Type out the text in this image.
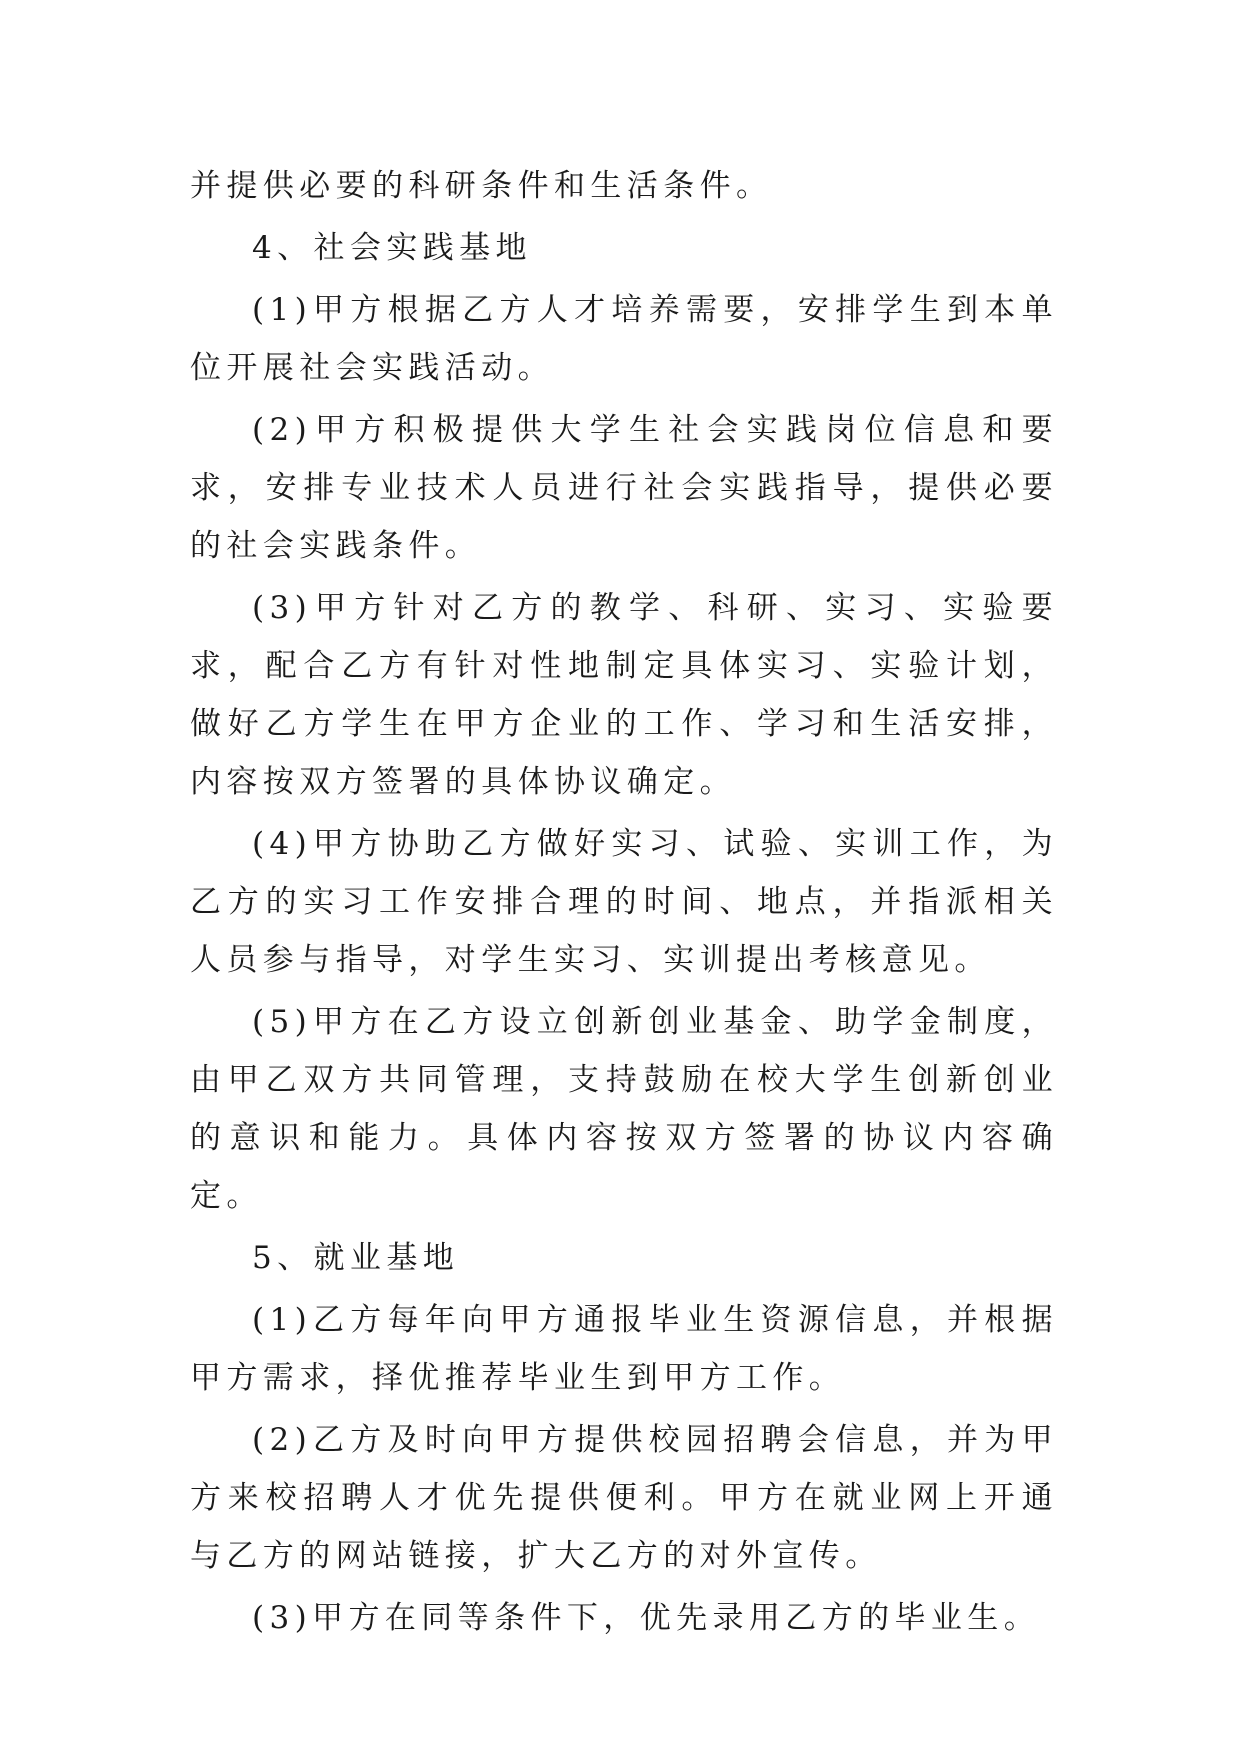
并提供必要的科研条件和生活条件。

4、社会实践基地

(1)甲方根据乙方人才培养需要，安排学生到本单位开展社会实践活动。

(2)甲方积极提供大学生社会实践岗位信息和要求，安排专业技术人员进行社会实践指导，提供必要的社会实践条件。

(3)甲方针对乙方的教学、科研、实习、实验要求，配合乙方有针对性地制定具体实习、实验计划，做好乙方学生在甲方企业的工作、学习和生活安排，内容按双方签署的具体协议确定。

(4)甲方协助乙方做好实习、试验、实训工作，为乙方的实习工作安排合理的时间、地点，并指派相关人员参与指导，对学生实习、实训提出考核意见。

(5)甲方在乙方设立创新创业基金、助学金制度，由甲乙双方共同管理，支持鼓励在校大学生创新创业的意识和能力。具体内容按双方签署的协议内容确定。

5、就业基地

(1)乙方每年向甲方通报毕业生资源信息，并根据甲方需求，择优推荐毕业生到甲方工作。

(2)乙方及时向甲方提供校园招聘会信息，并为甲方来校招聘人才优先提供便利。甲方在就业网上开通与乙方的网站链接，扩大乙方的对外宣传。

(3)甲方在同等条件下，优先录用乙方的毕业生。
